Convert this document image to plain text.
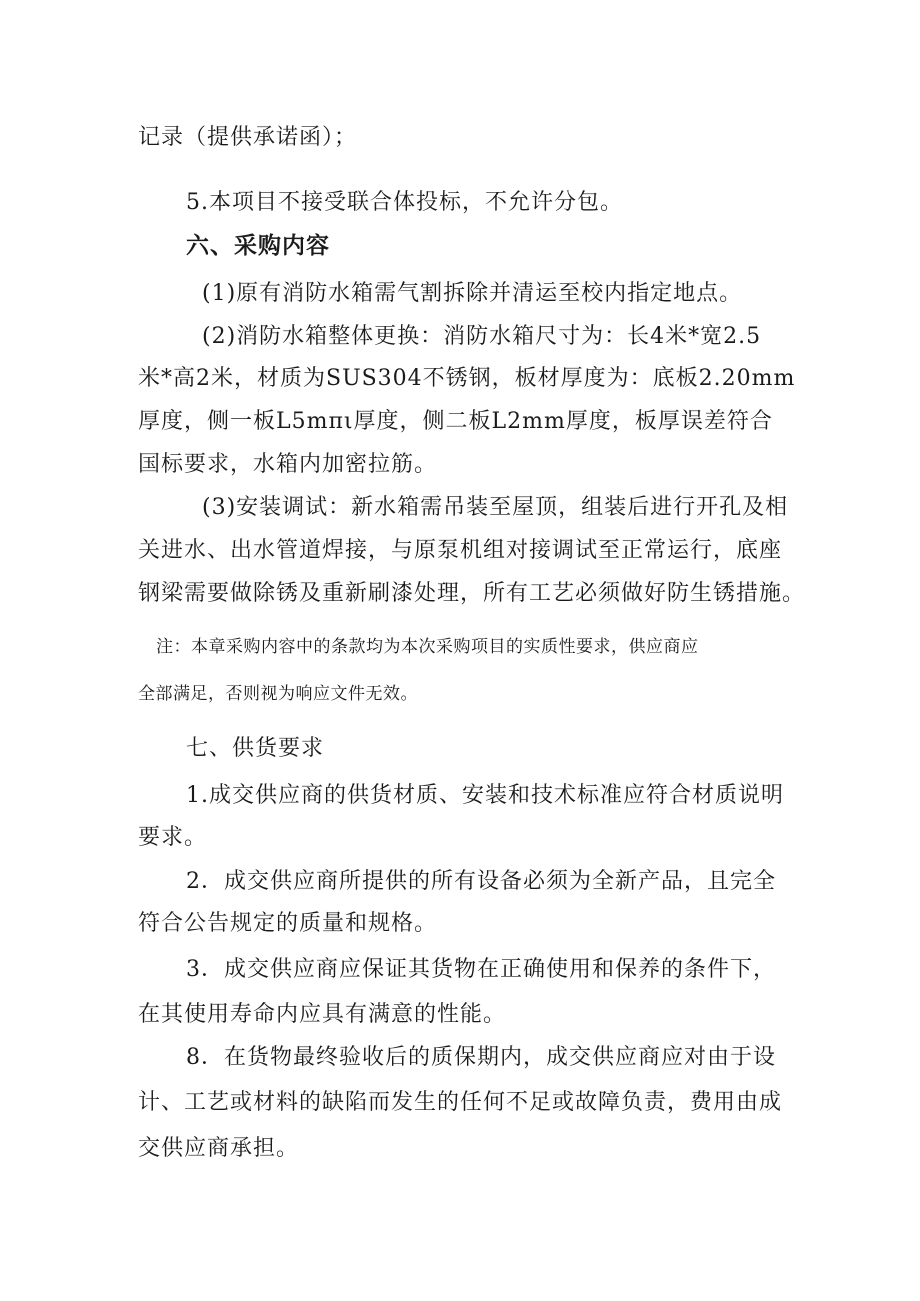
记录（提供承诺函）；
5.本项目不接受联合体投标，不允许分包。
六、采购内容
(1)原有消防水箱需气割拆除并清运至校内指定地点。
(2)消防水箱整体更换：消防水箱尺寸为：长4米*宽2.5
米*高2米，材质为SUS304不锈钢，板材厚度为：底板2.20mm
厚度，侧一板L5mπι厚度，侧二板L2mm厚度，板厚误差符合
国标要求，水箱内加密拉筋。
(3)安装调试：新水箱需吊装至屋顶，组装后进行开孔及相
关进水、出水管道焊接，与原泵机组对接调试至正常运行，底座
钢梁需要做除锈及重新刷漆处理，所有工艺必须做好防生锈措施。
注：本章采购内容中的条款均为本次采购项目的实质性要求，供应商应
全部满足，否则视为响应文件无效。
七、供货要求
1.成交供应商的供货材质、安装和技术标准应符合材质说明
要求。
2．成交供应商所提供的所有设备必须为全新产品，且完全
符合公告规定的质量和规格。
3．成交供应商应保证其货物在正确使用和保养的条件下，
在其使用寿命内应具有满意的性能。
8．在货物最终验收后的质保期内，成交供应商应对由于设
计、工艺或材料的缺陷而发生的任何不足或故障负责，费用由成
交供应商承担。
